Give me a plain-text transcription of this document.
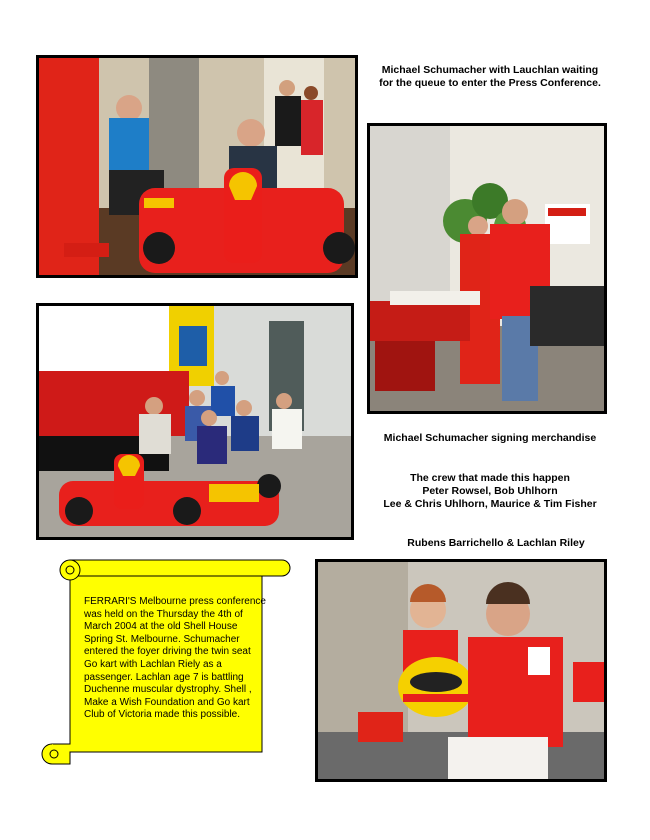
Michael Schumacher with Lauchlan waiting for the queue to enter the Press Conference.
Michael Schumacher signing merchandise
The crew that made this happen
Peter Rowsel, Bob Uhlhorn
Lee & Chris Uhlhorn, Maurice & Tim Fisher
Rubens Barrichello & Lachlan Riley
FERRARI'S Melbourne press conference was held on the Thursday the 4th of March 2004 at the old Shell House Spring St. Melbourne. Schumacher entered the foyer driving the twin seat Go kart with Lachlan Riely as a passenger. Lachlan age 7 is battling Duchenne muscular dystrophy. Shell , Make a Wish Foundation and Go kart Club of Victoria made this possible.
